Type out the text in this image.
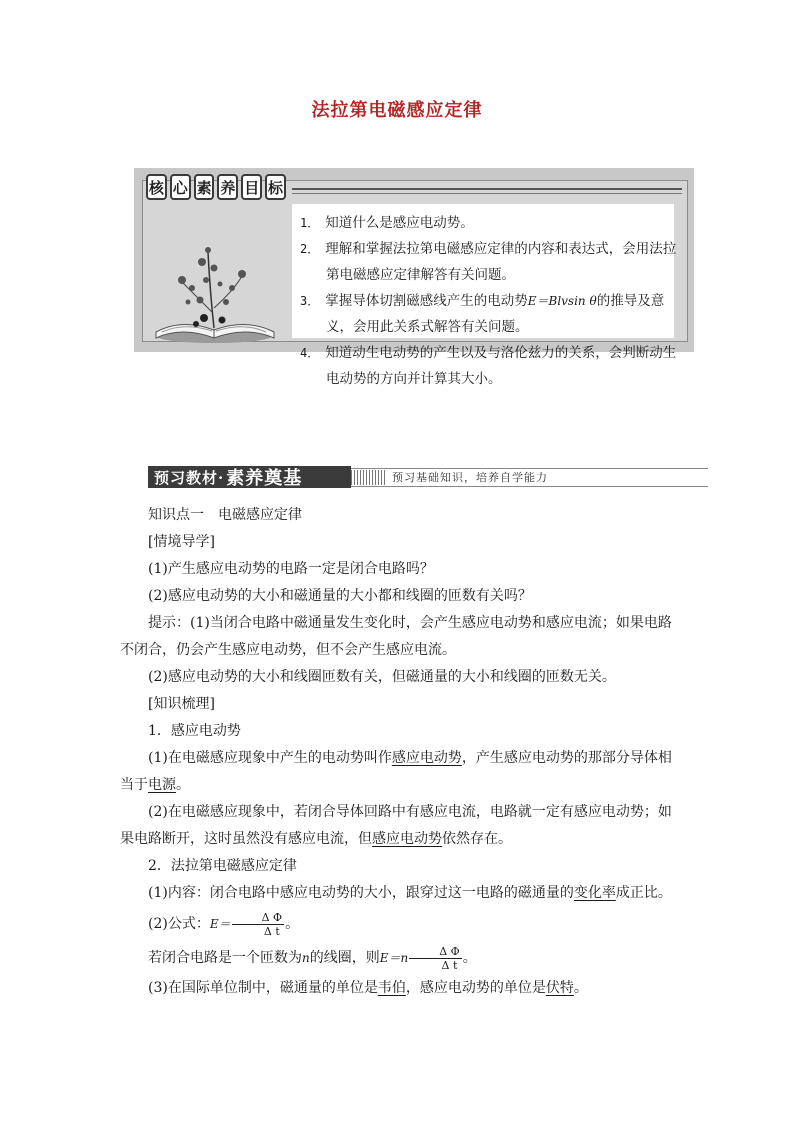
法拉第电磁感应定律
核 心 素 养 目 标
1． 知道什么是感应电动势。
2． 理解和掌握法拉第电磁感应定律的内容和表达式，会用法拉第电磁感应定律解答有关问题。
3． 掌握导体切割磁感线产生的电动势E＝Blvsin θ的推导及意义，会用此关系式解答有关问题。
4． 知道动生电动势的产生以及与洛伦兹力的关系，会判断动生电动势的方向并计算其大小。
预习教材· 素养奠基	预习基础知识，培养自学能力

知识点一　电磁感应定律

[情境导学]

(1)产生感应电动势的电路一定是闭合电路吗？

(2)感应电动势的大小和磁通量的大小都和线圈的匝数有关吗？

提示：(1)当闭合电路中磁通量发生变化时，会产生感应电动势和感应电流；如果电路不闭合，仍会产生感应电动势，但不会产生感应电流。

(2)感应电动势的大小和线圈匝数有关，但磁通量的大小和线圈的匝数无关。

[知识梳理]

1．感应电动势

(1)在电磁感应现象中产生的电动势叫作感应电动势，产生感应电动势的那部分导体相当于电源。

(2)在电磁感应现象中，若闭合导体回路中有感应电流，电路就一定有感应电动势；如果电路断开，这时虽然没有感应电流，但感应电动势依然存在。

2．法拉第电磁感应定律

(1)内容：闭合电路中感应电动势的大小，跟穿过这一电路的磁通量的变化率成正比。

(2)公式：$E= \frac{\text{Δ Φ}}{\text{Δ t}}$ 。

若闭合电路是一个匝数为n的线圈，则$E=n \frac{\text{Δ Φ}}{\text{Δ t}}$ 。

(3)在国际单位制中，磁通量的单位是韦伯，感应电动势的单位是伏特。
